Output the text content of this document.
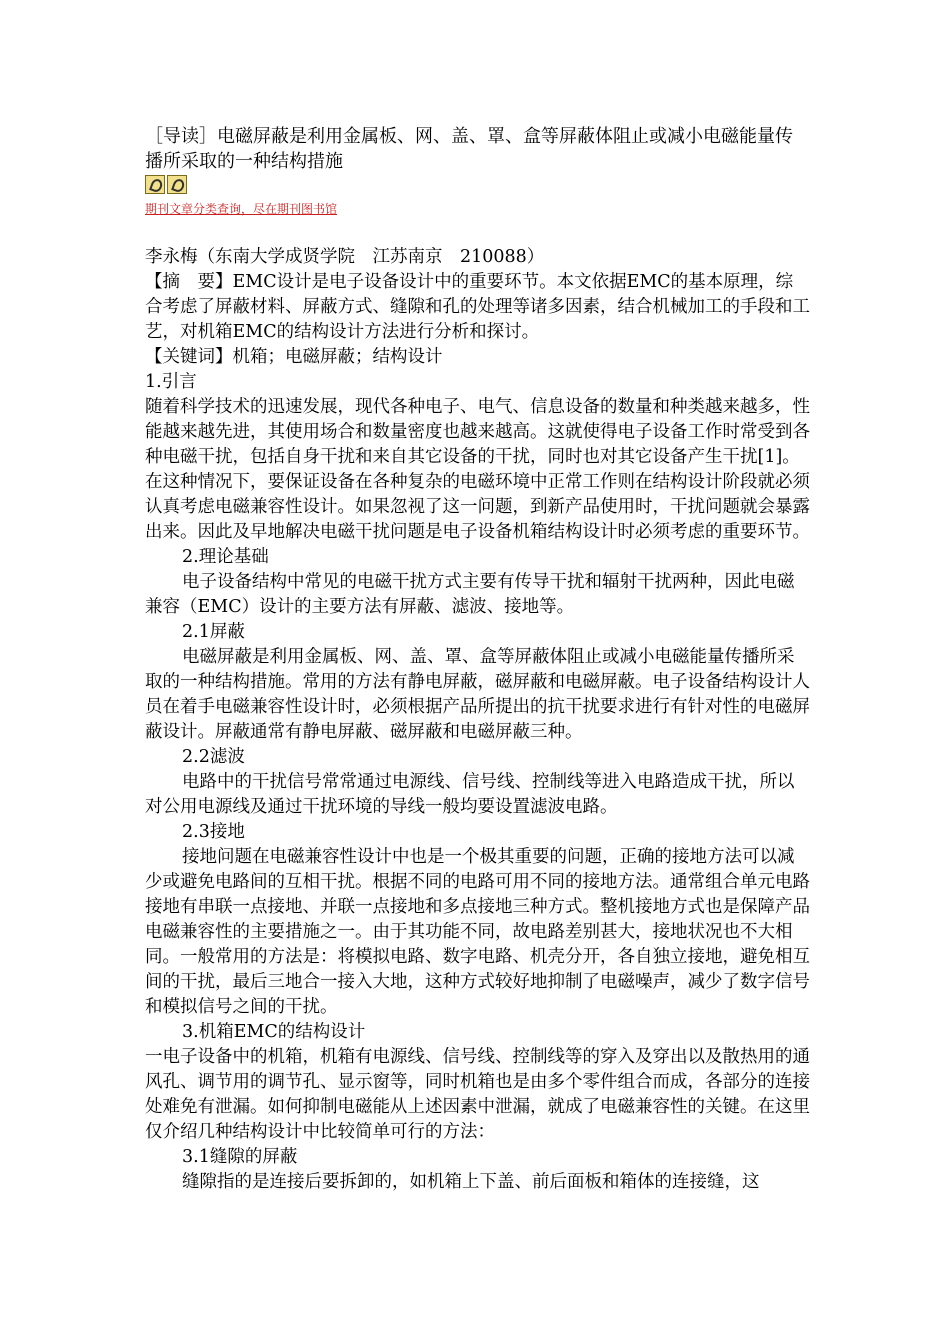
［导读］电磁屏蔽是利用金属板、网、盖、罩、盒等屏蔽体阻止或减小电磁能量传播所采取的一种结构措施

期刊文章分类查询，尽在期刊图书馆

李永梅（东南大学成贤学院　江苏南京　210088）

【摘　要】EMC设计是电子设备设计中的重要环节。本文依据EMC的基本原理，综合考虑了屏蔽材料、屏蔽方式、缝隙和孔的处理等诸多因素，结合机械加工的手段和工艺，对机箱EMC的结构设计方法进行分析和探讨。

【关键词】机箱；电磁屏蔽；结构设计

1.引言

随着科学技术的迅速发展，现代各种电子、电气、信息设备的数量和种类越来越多，性能越来越先进，其使用场合和数量密度也越来越高。这就使得电子设备工作时常受到各种电磁干扰，包括自身干扰和来自其它设备的干扰，同时也对其它设备产生干扰[1]。在这种情况下，要保证设备在各种复杂的电磁环境中正常工作则在结构设计阶段就必须认真考虑电磁兼容性设计。如果忽视了这一问题，到新产品使用时，干扰问题就会暴露出来。因此及早地解决电磁干扰问题是电子设备机箱结构设计时必须考虑的重要环节。

2.理论基础

电子设备结构中常见的电磁干扰方式主要有传导干扰和辐射干扰两种，因此电磁兼容（EMC）设计的主要方法有屏蔽、滤波、接地等。

2.1屏蔽

电磁屏蔽是利用金属板、网、盖、罩、盒等屏蔽体阻止或减小电磁能量传播所采取的一种结构措施。常用的方法有静电屏蔽，磁屏蔽和电磁屏蔽。电子设备结构设计人员在着手电磁兼容性设计时，必须根据产品所提出的抗干扰要求进行有针对性的电磁屏蔽设计。屏蔽通常有静电屏蔽、磁屏蔽和电磁屏蔽三种。

2.2滤波

电路中的干扰信号常常通过电源线、信号线、控制线等进入电路造成干扰，所以对公用电源线及通过干扰环境的导线一般均要设置滤波电路。

2.3接地

接地问题在电磁兼容性设计中也是一个极其重要的问题，正确的接地方法可以减少或避免电路间的互相干扰。根据不同的电路可用不同的接地方法。通常组合单元电路接地有串联一点接地、并联一点接地和多点接地三种方式。整机接地方式也是保障产品电磁兼容性的主要措施之一。由于其功能不同，故电路差别甚大，接地状况也不大相同。一般常用的方法是：将模拟电路、数字电路、机壳分开，各自独立接地，避免相互间的干扰，最后三地合一接入大地，这种方式较好地抑制了电磁噪声，减少了数字信号和模拟信号之间的干扰。

3.机箱EMC的结构设计

一电子设备中的机箱，机箱有电源线、信号线、控制线等的穿入及穿出以及散热用的通风孔、调节用的调节孔、显示窗等，同时机箱也是由多个零件组合而成，各部分的连接处难免有泄漏。如何抑制电磁能从上述因素中泄漏，就成了电磁兼容性的关键。在这里仅介绍几种结构设计中比较简单可行的方法：

3.1缝隙的屏蔽

缝隙指的是连接后要拆卸的，如机箱上下盖、前后面板和箱体的连接缝，这
